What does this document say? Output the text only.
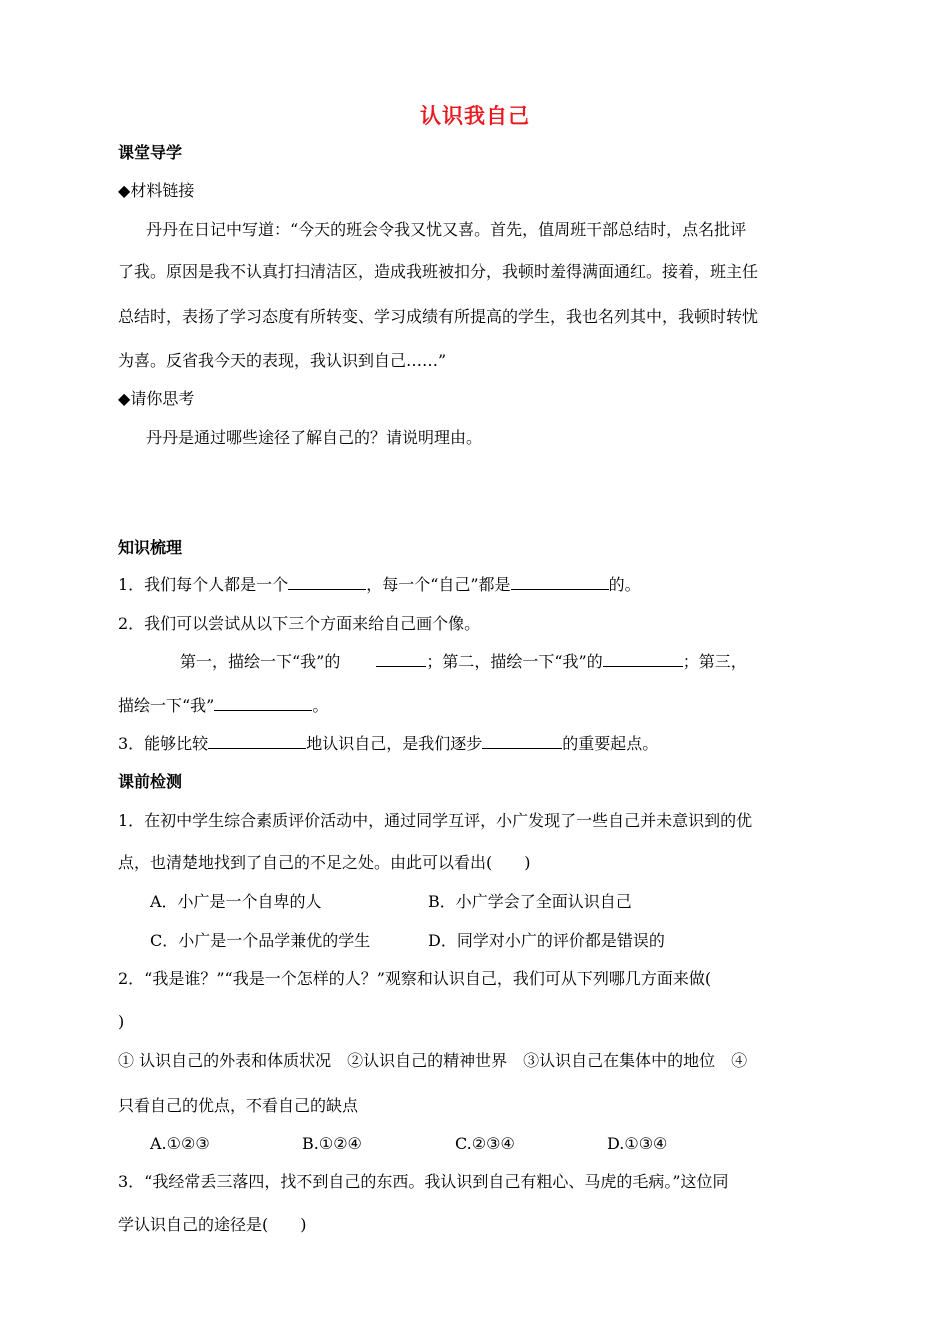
认识我自己
课堂导学
◆材料链接
丹丹在日记中写道：“今天的班会令我又忧又喜。首先，值周班干部总结时，点名批评
了我。原因是我不认真打扫清洁区，造成我班被扣分，我顿时羞得满面通红。接着，班主任
总结时，表扬了学习态度有所转变、学习成绩有所提高的学生，我也名列其中，我顿时转忧
为喜。反省我今天的表现，我认识到自己……”
◆请你思考
丹丹是通过哪些途径了解自己的？请说明理由。
知识梳理
1．我们每个人都是一个	，每一个“自己”都是	的。
2．我们可以尝试从以下三个方面来给自己画个像。
第一，描绘一下“我”的	；第二，描绘一下“我”的	；第三，
描绘一下“我”	。
3．能够比较	地认识自己，是我们逐步	的重要起点。
课前检测
1．在初中学生综合素质评价活动中，通过同学互评，小广发现了一些自己并未意识到的优
点，也清楚地找到了自己的不足之处。由此可以看出(　　)
A．小广是一个自卑的人	B．小广学会了全面认识自己
C．小广是一个品学兼优的学生	D．同学对小广的评价都是错误的
2．“我是谁？”“我是一个怎样的人？”观察和认识自己，我们可从下列哪几方面来做(
)
① 认识自己的外表和体质状况　②认识自己的精神世界　③认识自己在集体中的地位　④
只看自己的优点，不看自己的缺点
A.①②③	B.①②④	C.②③④	D.①③④
3．“我经常丢三落四，找不到自己的东西。我认识到自己有粗心、马虎的毛病。”这位同
学认识自己的途径是(　　)
